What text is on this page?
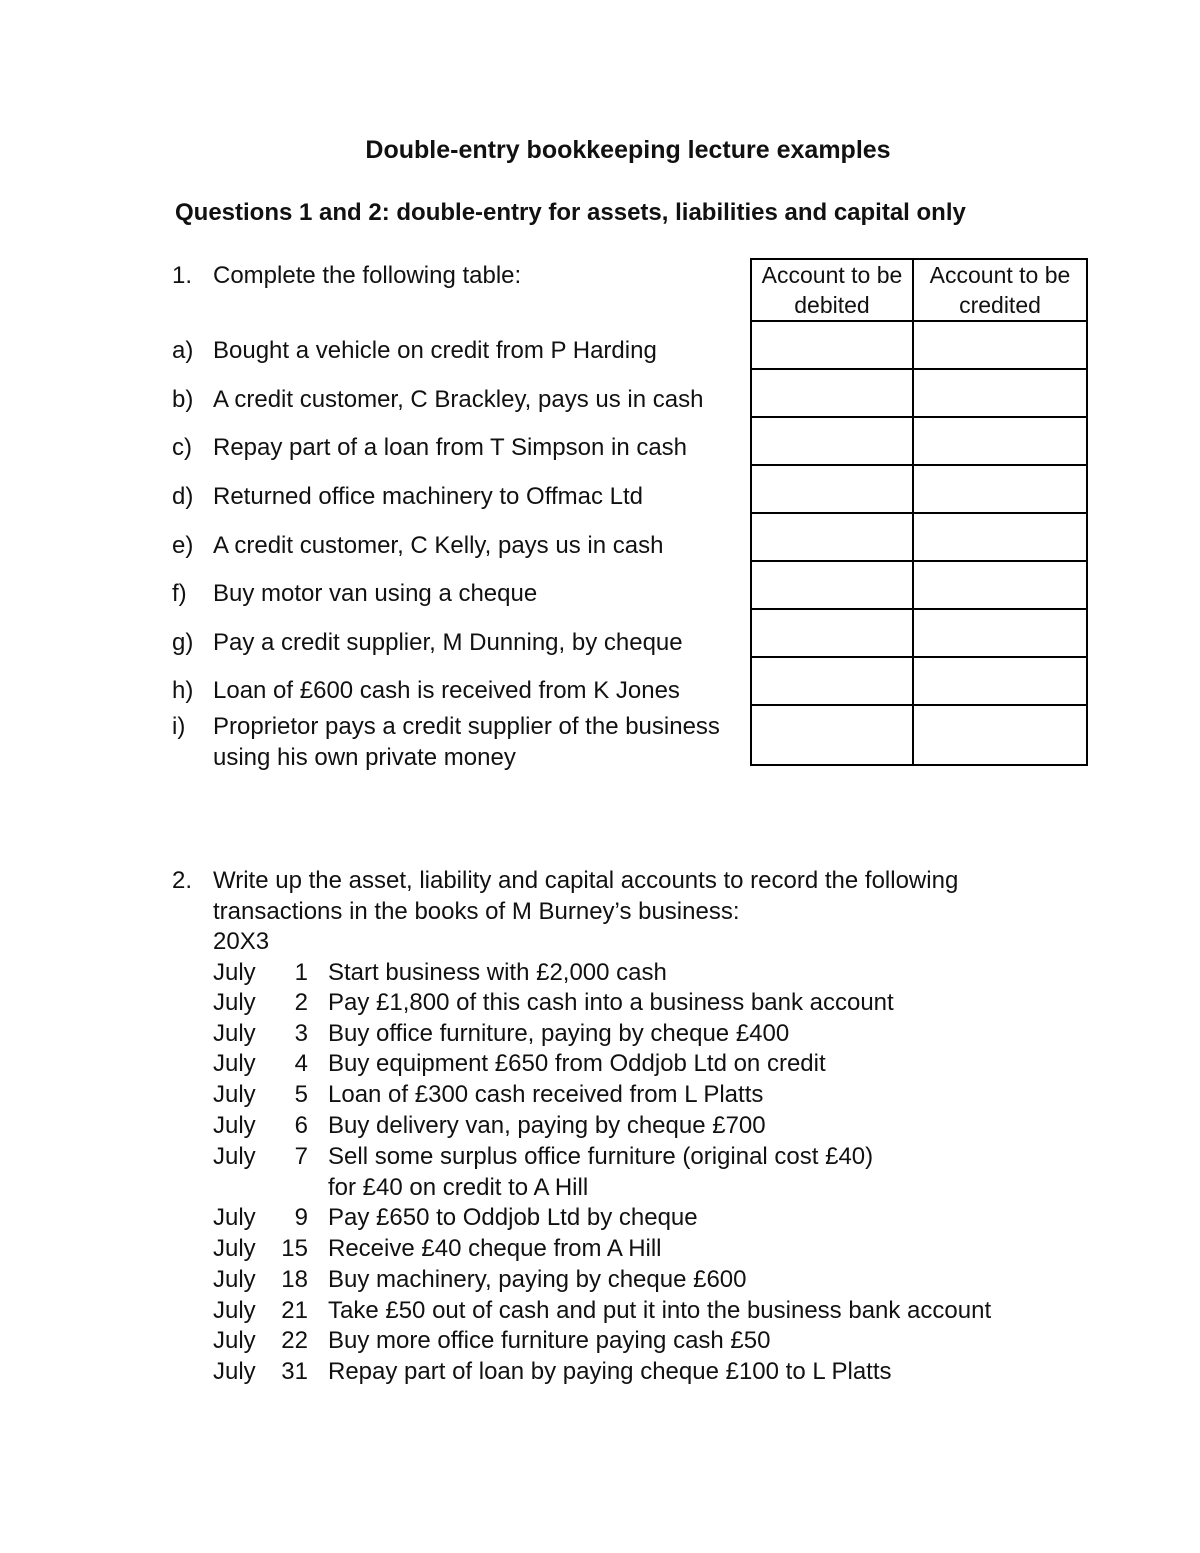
Double-entry bookkeeping lecture examples
Questions 1 and 2: double-entry for assets, liabilities and capital only
1. Complete the following table:
a) Bought a vehicle on credit from P Harding
b) A credit customer, C Brackley, pays us in cash
c) Repay part of a loan from T Simpson in cash
d) Returned office machinery to Offmac Ltd
e) A credit customer, C Kelly, pays us in cash
f) Buy motor van using a cheque
g) Pay a credit supplier, M Dunning, by cheque
h) Loan of £600 cash is received from K Jones
i) Proprietor pays a credit supplier of the business
using his own private money
Account to be debited	Account to be credited

2. Write up the asset, liability and capital accounts to record the following
transactions in the books of M Burney’s business:
20X3
July	1 Start business with £2,000 cash
July	2 Pay £1,800 of this cash into a business bank account
July	3 Buy office furniture, paying by cheque £400
July	4 Buy equipment £650 from Oddjob Ltd on credit
July	5 Loan of £300 cash received from L Platts
July	6 Buy delivery van, paying by cheque £700
July	7 Sell some surplus office furniture (original cost £40)
for £40 on credit to A Hill
July	9 Pay £650 to Oddjob Ltd by cheque
July	15 Receive £40 cheque from A Hill
July	18 Buy machinery, paying by cheque £600
July	21 Take £50 out of cash and put it into the business bank account
July	22 Buy more office furniture paying cash £50
July	31 Repay part of loan by paying cheque £100 to L Platts
